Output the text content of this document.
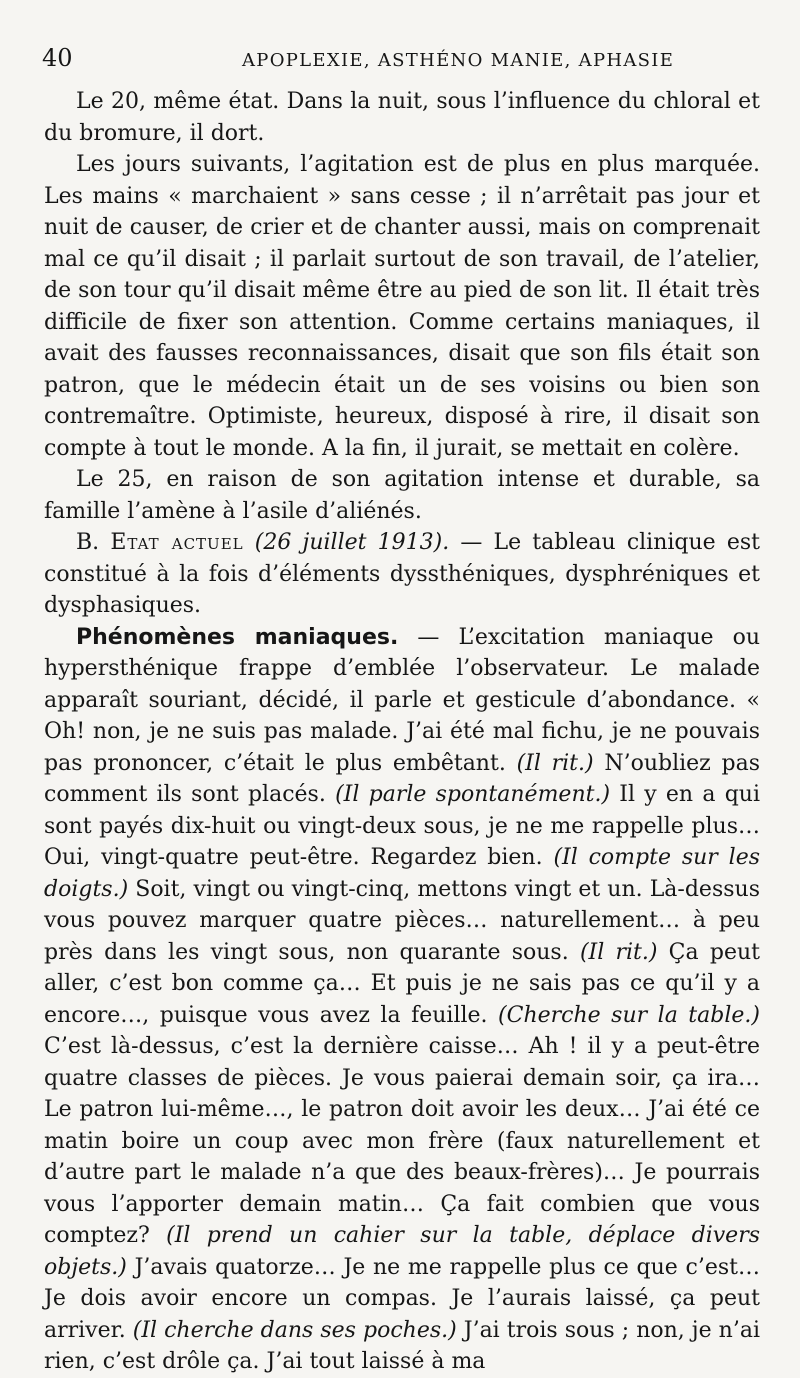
40	APOPLEXIE, ASTHÉNO MANIE, APHASIE

Le 20, même état. Dans la nuit, sous l’influence du chloral et du bromure, il dort.

Les jours suivants, l’agitation est de plus en plus marquée. Les mains « marchaient » sans cesse ; il n’arrêtait pas jour et nuit de causer, de crier et de chanter aussi, mais on comprenait mal ce qu’il disait ; il parlait surtout de son travail, de l’atelier, de son tour qu’il disait même être au pied de son lit. Il était très difficile de fixer son attention. Comme certains maniaques, il avait des fausses reconnaissances, disait que son fils était son patron, que le médecin était un de ses voisins ou bien son contremaître. Optimiste, heureux, disposé à rire, il disait son compte à tout le monde. A la fin, il jurait, se mettait en colère.

Le 25, en raison de son agitation intense et durable, sa famille l’amène à l’asile d’aliénés.

B. Etat actuel (26 juillet 1913). — Le tableau clinique est constitué à la fois d’éléments dyssthéniques, dysphréniques et dysphasiques.

Phénomènes maniaques. — L’excitation maniaque ou hypersthénique frappe d’emblée l’observateur. Le malade apparaît souriant, décidé, il parle et gesticule d’abondance. « Oh! non, je ne suis pas malade. J’ai été mal fichu, je ne pouvais pas prononcer, c’était le plus embêtant. (Il rit.) N’oubliez pas comment ils sont placés. (Il parle spontanément.) Il y en a qui sont payés dix-huit ou vingt-deux sous, je ne me rappelle plus… Oui, vingt-quatre peut-être. Regardez bien. (Il compte sur les doigts.) Soit, vingt ou vingt-cinq, mettons vingt et un. Là-dessus vous pouvez marquer quatre pièces… naturellement… à peu près dans les vingt sous, non quarante sous. (Il rit.) Ça peut aller, c’est bon comme ça… Et puis je ne sais pas ce qu’il y a encore…, puisque vous avez la feuille. (Cherche sur la table.) C’est là-dessus, c’est la dernière caisse… Ah ! il y a peut-être quatre classes de pièces. Je vous paierai demain soir, ça ira… Le patron lui-même…, le patron doit avoir les deux… J’ai été ce matin boire un coup avec mon frère (faux naturellement et d’autre part le malade n’a que des beaux-frères)… Je pourrais vous l’apporter demain matin… Ça fait combien que vous comptez? (Il prend un cahier sur la table, déplace divers objets.) J’avais quatorze… Je ne me rappelle plus ce que c’est… Je dois avoir encore un compas. Je l’aurais laissé, ça peut arriver. (Il cherche dans ses poches.) J’ai trois sous ; non, je n’ai rien, c’est drôle ça. J’ai tout laissé à ma
